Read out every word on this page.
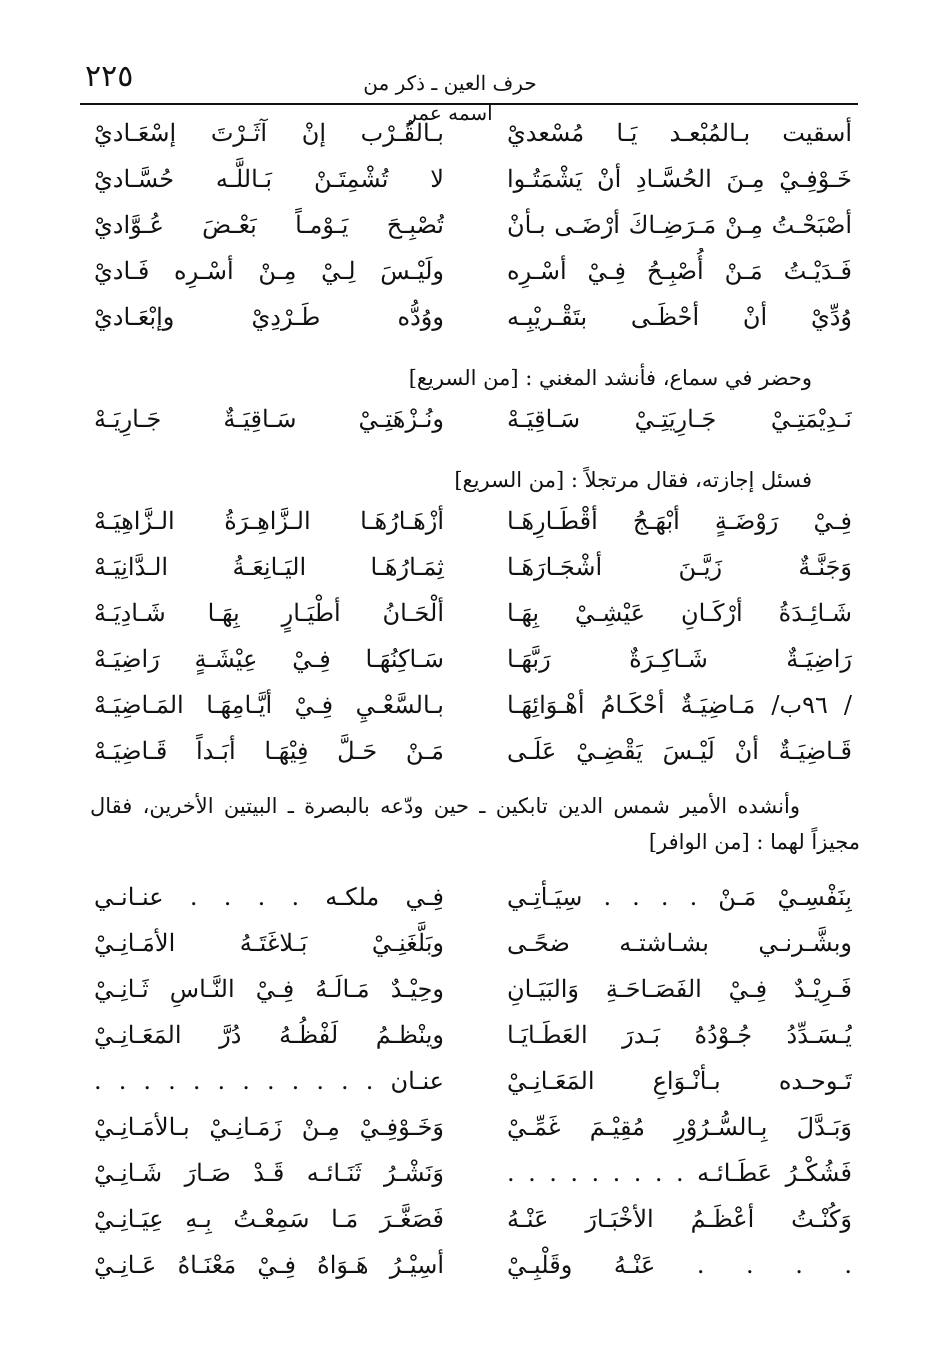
٢٢٥	حرف العين ـ ذكر من اسمه عمر
أسقيت بـالمُبْعـد يَـا مُسْعديْ
بـالقُـرْب إنْ آثَـرْتَ إسْعَـاديْ
خَـوْفِـيْ مِـنَ الحُسَّـادِ أنْ يَشْمَتُـوا
لا تُشْمِتَـنْ بَـاللَّـه حُسَّـاديْ
أصْبَحْـتُ مِـنْ مَـرَضِـاكَ أرْضَـى بـأنْ
تُصْبِـحَ يَـوْمـاً بَعْـضَ عُـوَّاديْ
فَـدَيْـتُ مَـنْ أُصْبِـحُ فِـيْ أسْـرِه
ولَيْـسَ لِـيْ مِـنْ أسْـرِه فَـاديْ
وُدِّيْ أنْ أحْظَـى بتَقْـريْبِـه
ووُدُّه طَـرْدِيْ وإبْعَـاديْ
وحضر في سماع، فأنشد المغني : [من السريع]
نَـدِيْمَتِـيْ جَـارِيَتِـيْ سَـاقِيَـهْ
ونُـزْهَتِـيْ سَـاقِيَـةٌ جَـارِيَـهْ
فسئل إجازته، فقال مرتجلاً : [من السريع]
فِـيْ رَوْضَـةٍ أبْهَـجُ أقْطَـارِهَـا
أزْهَـارُهَـا الـزَّاهِـرَةُ الـزَّاهِيَـهْ
وَجَنَّـةٌ زَيَّـنَ أشْجَـارَهَـا
ثِمَـارُهَـا اليَـانِعَـةُ الـدَّانِيَـهْ
شَـائِـدَةُ أرْكَـانِ عَيْشِـيْ بِهَـا
ألْحَـانُ أطْيَـارٍ بِهَـا شَـادِيَـهْ
رَاضِيَـةٌ شَـاكِـرَةٌ رَبَّهَـا
سَـاكِنُهَـا فِـيْ عِيْشَـةٍ رَاضِيَـهْ
/ ٩٦ب/ مَـاضِيَـةٌ أحْكَـامُ أهْـوَائِهَـا
بـالسَّعْـيِ فِـيْ أيَّـامِهَـا المَـاضِيَـهْ
قَـاضِيَـةٌ أنْ لَيْـسَ يَقْضِـيْ عَلَـى
مَـنْ حَـلَّ فِيْهَـا أبَـداً قَـاضِيَـهْ
وأنشده الأمير شمس الدين تابكين ـ حين ودّعه بالبصرة ـ البيتين الأخرين، فقال
مجيزاً لهما : [من الوافر]
بِنَفْسِـيْ مَـنْ . . . . سِيَـأتِـي
فِـي ملكـه . . . . عنـانـي
وبشَّـرنـي بشـاشتـه ضحًـى
وبَلَّغَنِـيْ بَـلاغَتَـهُ الأمَـانِـيْ
فَـرِيْـدٌ فِـيْ الفَصَـاحَـةِ وَالبَيَـانِ
وحِيْـدٌ مَـالَـهُ فِـيْ النَّـاسِ ثَـانِـيْ
يُـسَـدِّدُ جُـوْدُهُ بَـدرَ العَطَـايَـا
وينْظـمُ لَفْظُـهُ دُرَّ المَعَـانِـيْ
تَـوحـده بـأنْـوَاعِ المَعَـانِـيْ
عنـان . . . . . . . . . . . .
وَبَـدَّلَ بِـالسُّـرُوْرِ مُقِيْـمَ غَمِّـيْ
وَخَـوْفِـيْ مِـنْ زَمَـانِـيْ بـالأمَـانِـيْ
فَشُكْـرُ عَطَـائـه . . . . . . . . .
وَنَشْـرُ ثَنَـائـه قَـدْ صَـارَ شَـانِـيْ
وَكُنْـتُ أعْظَـمُ الأخْبَـارَ عَنْـهُ
فَصَغَّـرَ مَـا سَمِعْـتُ بِـهِ عِيَـانِـيْ
. . . . عَنْـهُ وقَلْبِـيْ
أسِيْـرُ هَـوَاهُ فِـيْ مَعْنَـاهُ عَـانِـيْ
